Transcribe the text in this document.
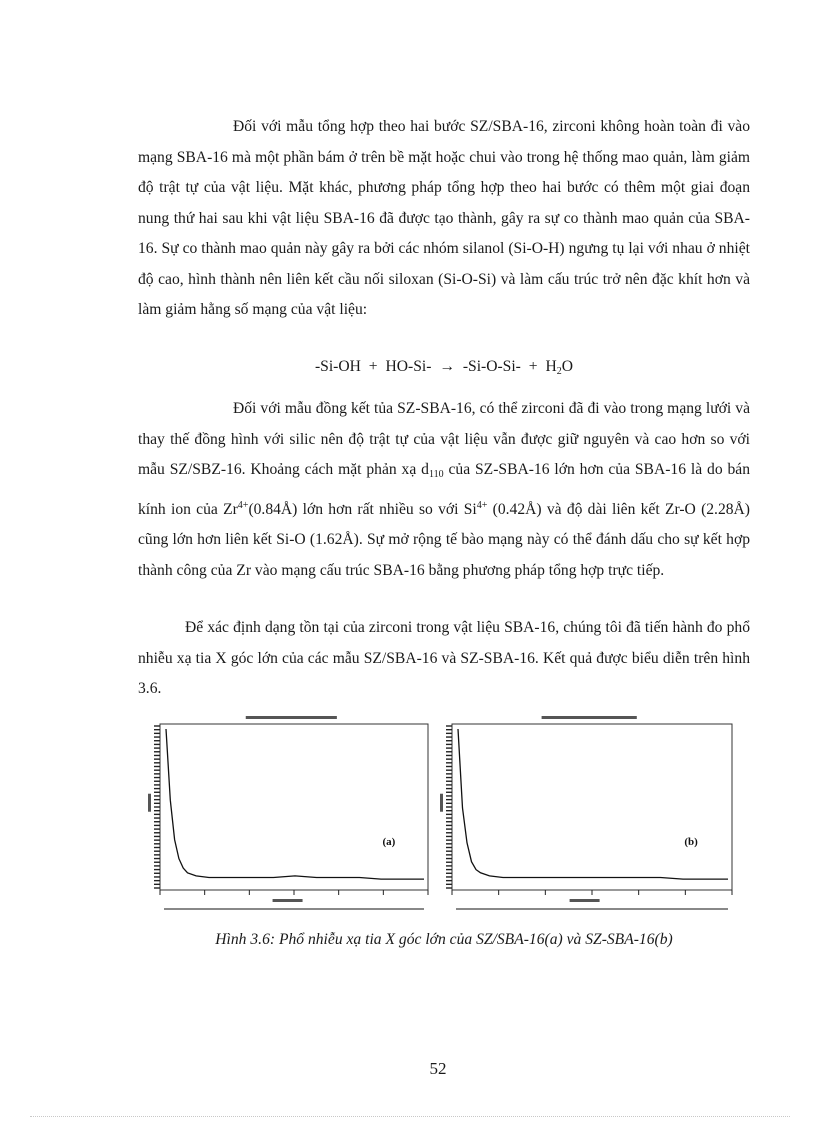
Đối với mẫu tổng hợp theo hai bước SZ/SBA-16, zirconi không hoàn toàn đi vào mạng SBA-16 mà một phần bám ở trên bề mặt hoặc chui vào trong hệ thống mao quản, làm giảm độ trật tự của vật liệu. Mặt khác, phương pháp tổng hợp theo hai bước có thêm một giai đoạn nung thứ hai sau khi vật liệu SBA-16 đã được tạo thành, gây ra sự co thành mao quản của SBA-16. Sự co thành mao quản này gây ra bởi các nhóm silanol (Si-O-H) ngưng tụ lại với nhau ở nhiệt độ cao, hình thành nên liên kết cầu nối siloxan (Si-O-Si) và làm cấu trúc trở nên đặc khít hơn và làm giảm hằng số mạng của vật liệu:

$-Si-OH + HO-Si- \to -Si-O-Si- + H_2O$

Đối với mẫu đồng kết tủa SZ-SBA-16, có thể zirconi đã đi vào trong mạng lưới và thay thế đồng hình với silic nên độ trật tự của vật liệu vẫn được giữ nguyên và cao hơn so với mẫu SZ/SBZ-16. Khoảng cách mặt phản xạ $d_{110}$ của SZ-SBA-16 lớn hơn của SBA-16 là do bán kính ion của $Zr^{4+}(0.84Å)$ lớn hơn rất nhiều so với $Si^{4+}$ (0.42Å) và độ dài liên kết Zr-O (2.28Å) cũng lớn hơn liên kết Si-O (1.62Å). Sự mở rộng tế bào mạng này có thể đánh dấu cho sự kết hợp thành công của Zr vào mạng cấu trúc SBA-16 bằng phương pháp tổng hợp trực tiếp.

Để xác định dạng tồn tại của zirconi trong vật liệu SBA-16, chúng tôi đã tiến hành đo phổ nhiễu xạ tia X góc lớn của các mẫu SZ/SBA-16 và SZ-SBA-16. Kết quả được biểu diễn trên hình 3.6.

(a)	(b)
Hình 3.6: Phổ nhiễu xạ tia X góc lớn của SZ/SBA-16(a) và SZ-SBA-16(b)
52
